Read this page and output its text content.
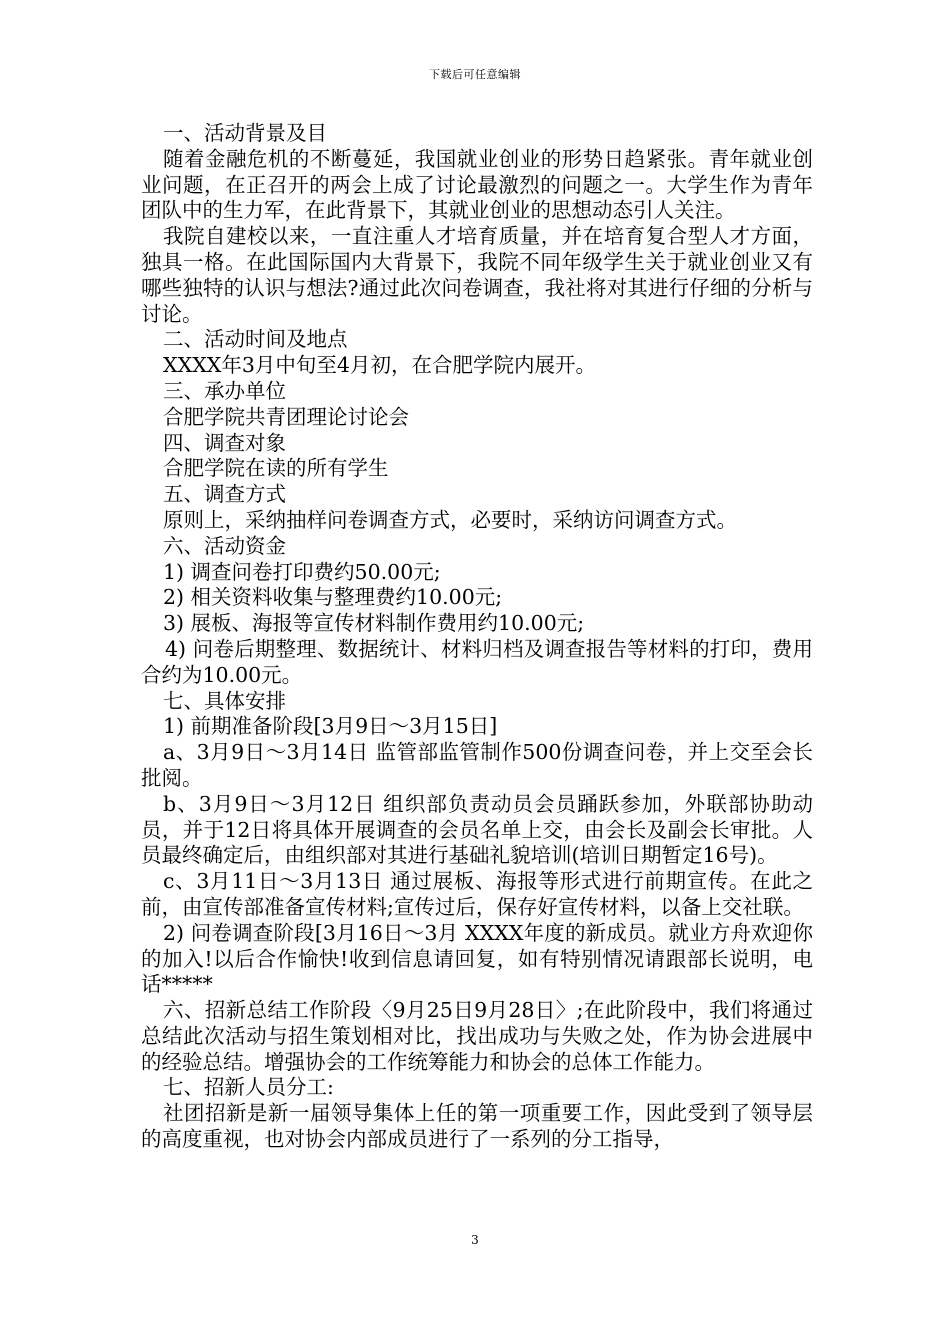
下载后可任意编辑

一、活动背景及目

随着金融危机的不断蔓延，我国就业创业的形势日趋紧张。青年就业创业问题，在正召开的两会上成了讨论最激烈的问题之一。大学生作为青年团队中的生力军，在此背景下，其就业创业的思想动态引人关注。

我院自建校以来，一直注重人才培育质量，并在培育复合型人才方面，独具一格。在此国际国内大背景下，我院不同年级学生关于就业创业又有哪些独特的认识与想法?通过此次问卷调查，我社将对其进行仔细的分析与讨论。

二、活动时间及地点

XXXX年3月中旬至4月初，在合肥学院内展开。

三、承办单位

合肥学院共青团理论讨论会

四、调查对象

合肥学院在读的所有学生

五、调查方式

原则上，采纳抽样问卷调查方式，必要时，采纳访问调查方式。

六、活动资金

1) 调查问卷打印费约50.00元;

2) 相关资料收集与整理费约10.00元;

3) 展板、海报等宣传材料制作费用约10.00元;

4) 问卷后期整理、数据统计、材料归档及调查报告等材料的打印，费用合约为10.00元。

七、具体安排

1) 前期准备阶段[3月9日～3月15日]

a、3月9日～3月14日 监管部监管制作500份调查问卷，并上交至会长批阅。

b、3月9日～3月12日 组织部负责动员会员踊跃参加，外联部协助动员，并于12日将具体开展调查的会员名单上交，由会长及副会长审批。人员最终确定后，由组织部对其进行基础礼貌培训(培训日期暂定16号)。

c、3月11日～3月13日 通过展板、海报等形式进行前期宣传。在此之前，由宣传部准备宣传材料;宣传过后，保存好宣传材料，以备上交社联。

2) 问卷调查阶段[3月16日～3月 XXXX年度的新成员。就业方舟欢迎你的加入!以后合作愉快!收到信息请回复，如有特别情况请跟部长说明，电话*****

六、招新总结工作阶段〈9月25日9月28日〉;在此阶段中，我们将通过总结此次活动与招生策划相对比，找出成功与失败之处，作为协会进展中的经验总结。增强协会的工作统筹能力和协会的总体工作能力。

七、招新人员分工:

社团招新是新一届领导集体上任的第一项重要工作，因此受到了领导层的高度重视，也对协会内部成员进行了一系列的分工指导，

3
